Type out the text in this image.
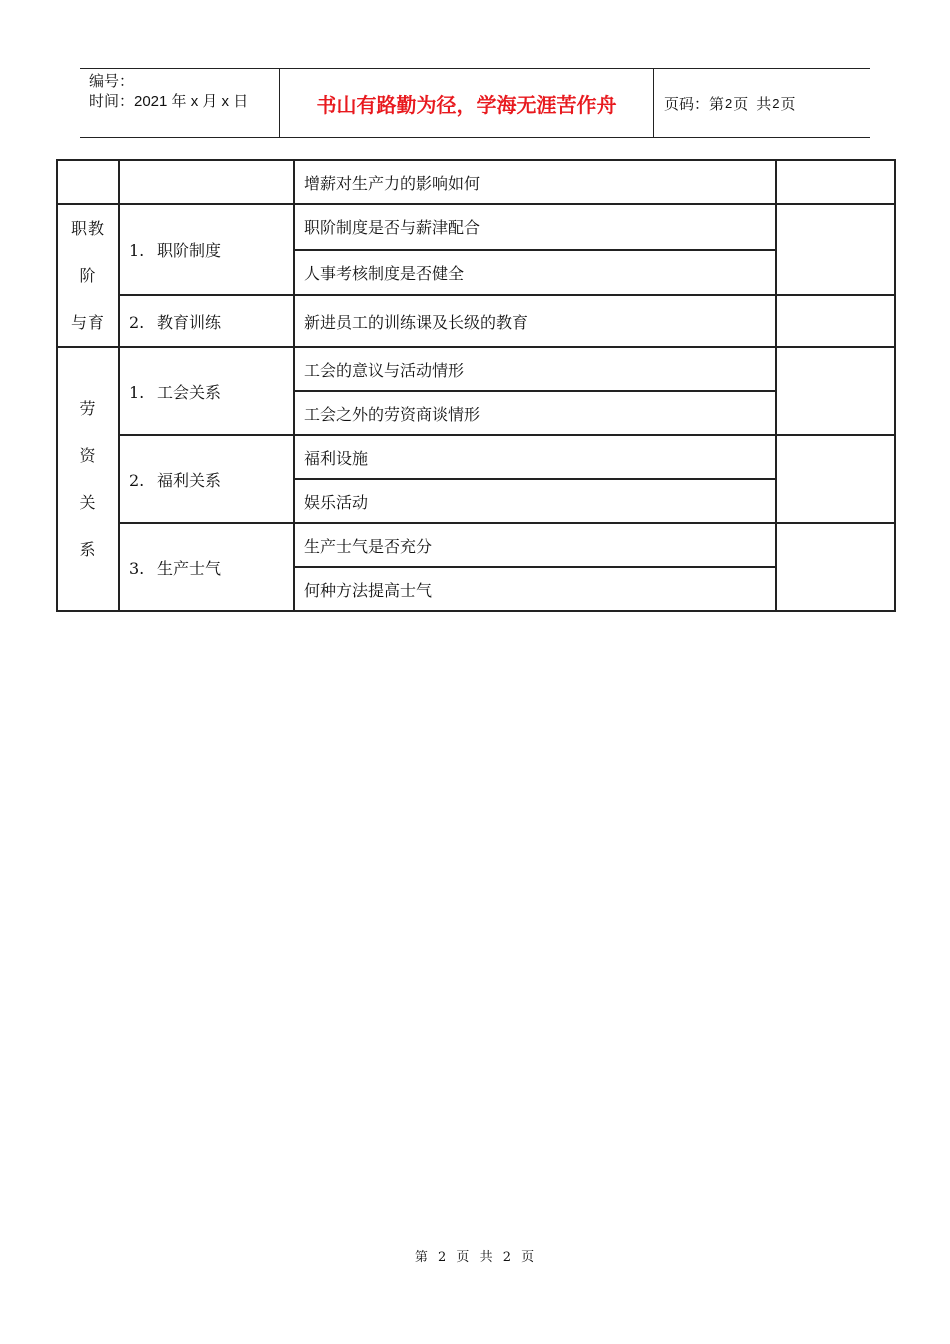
编号：
时间：2021 年 x 月 x 日	书山有路勤为径，学海无涯苦作舟	页码：第 2 页 共 2 页
		增薪对生产力的影响如何	

职教
阶
与育	1. 职阶制度	职阶制度是否与薪津配合	
		人事考核制度是否健全	
	2. 教育训练	新进员工的训练课及长级的教育	

劳
资
关
系	1. 工会关系	工会的意议与活动情形	
		工会之外的劳资商谈情形	
	2. 福利关系	福利设施	
		娱乐活动	
	3. 生产士气	生产士气是否充分	
		何种方法提高士气	
第 2 页 共 2 页
